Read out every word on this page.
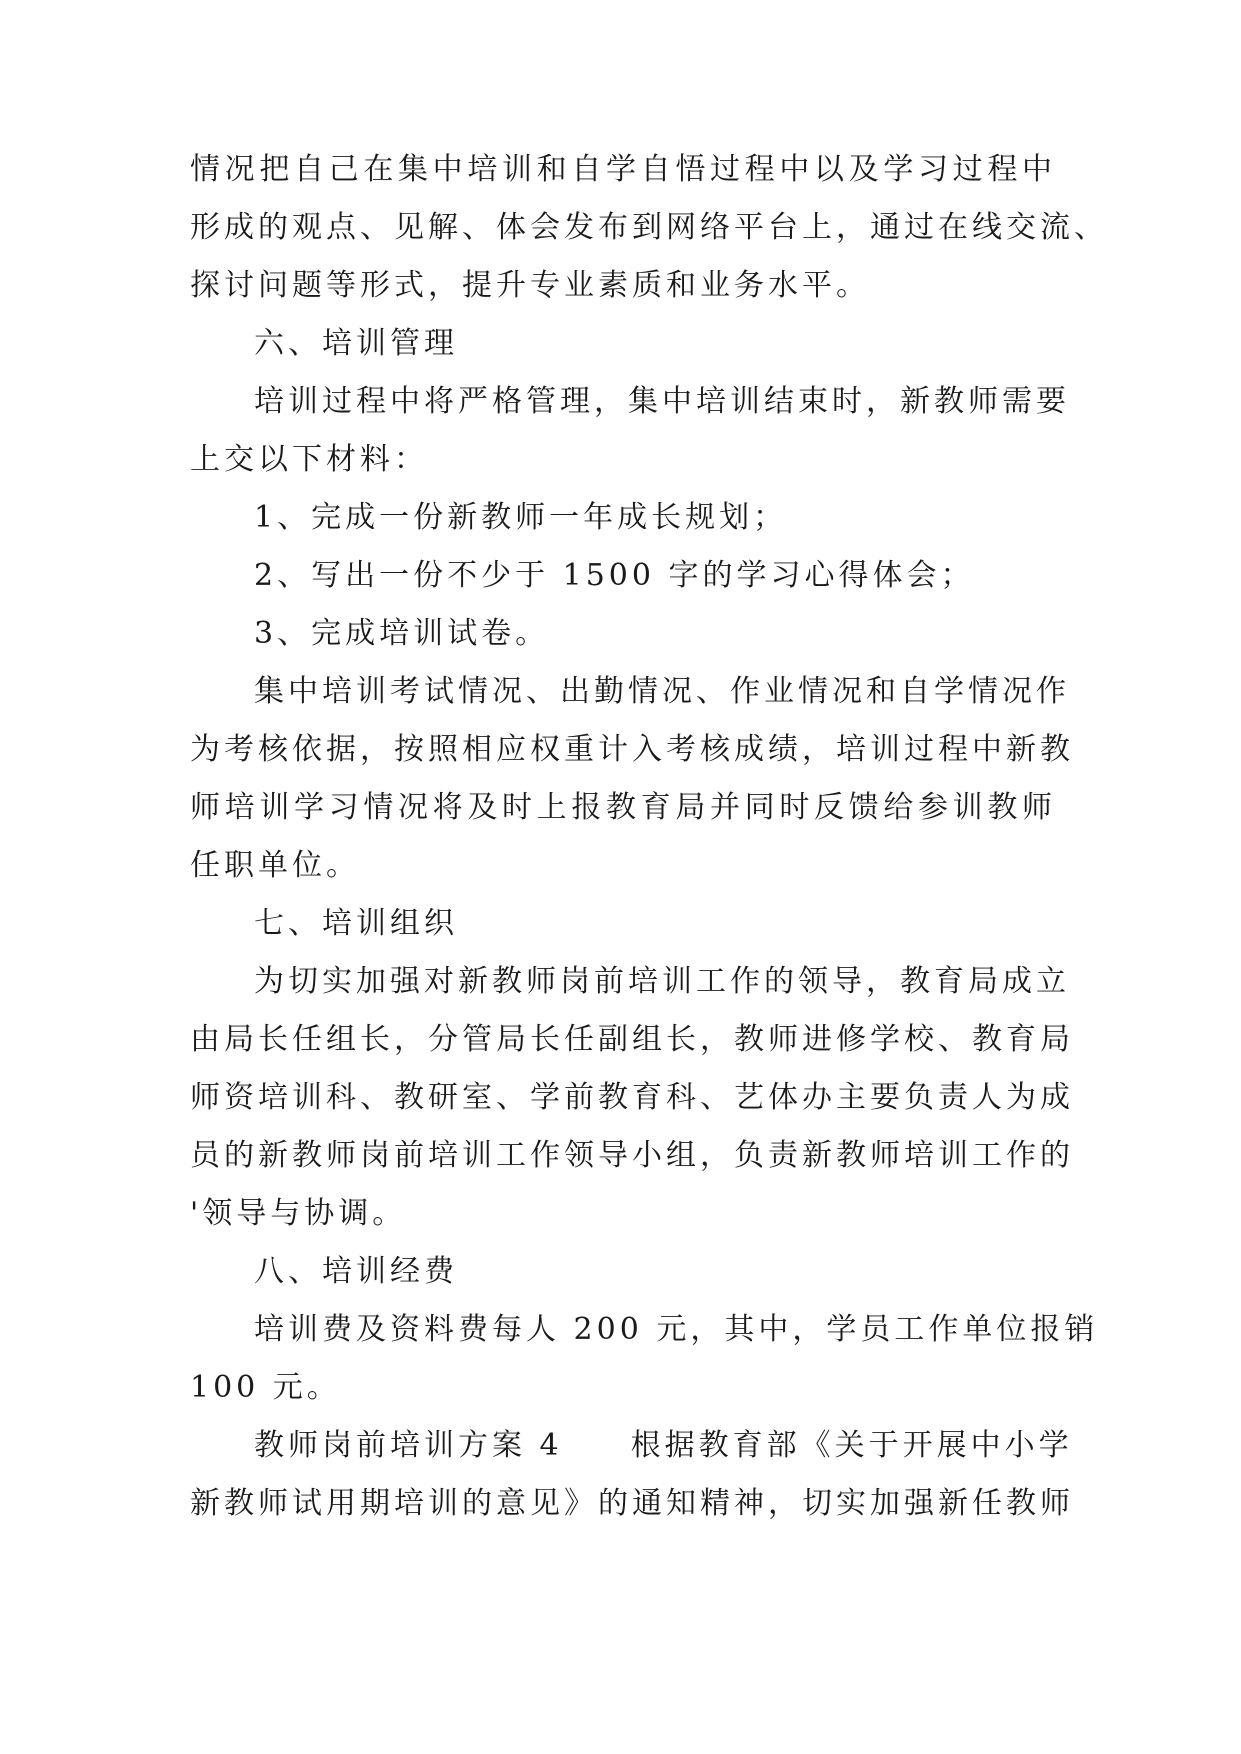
情况把自己在集中培训和自学自悟过程中以及学习过程中
形成的观点、见解、体会发布到网络平台上，通过在线交流、
探讨问题等形式，提升专业素质和业务水平。
六、培训管理
培训过程中将严格管理，集中培训结束时，新教师需要
上交以下材料：
1、完成一份新教师一年成长规划；
2、写出一份不少于 1500 字的学习心得体会；
3、完成培训试卷。
集中培训考试情况、出勤情况、作业情况和自学情况作
为考核依据，按照相应权重计入考核成绩，培训过程中新教
师培训学习情况将及时上报教育局并同时反馈给参训教师
任职单位。
七、培训组织
为切实加强对新教师岗前培训工作的领导，教育局成立
由局长任组长，分管局长任副组长，教师进修学校、教育局
师资培训科、教研室、学前教育科、艺体办主要负责人为成
员的新教师岗前培训工作领导小组，负责新教师培训工作的
'领导与协调。
八、培训经费
培训费及资料费每人 200 元，其中，学员工作单位报销
100 元。
教师岗前培训方案 4　　根据教育部《关于开展中小学
新教师试用期培训的意见》的通知精神，切实加强新任教师
